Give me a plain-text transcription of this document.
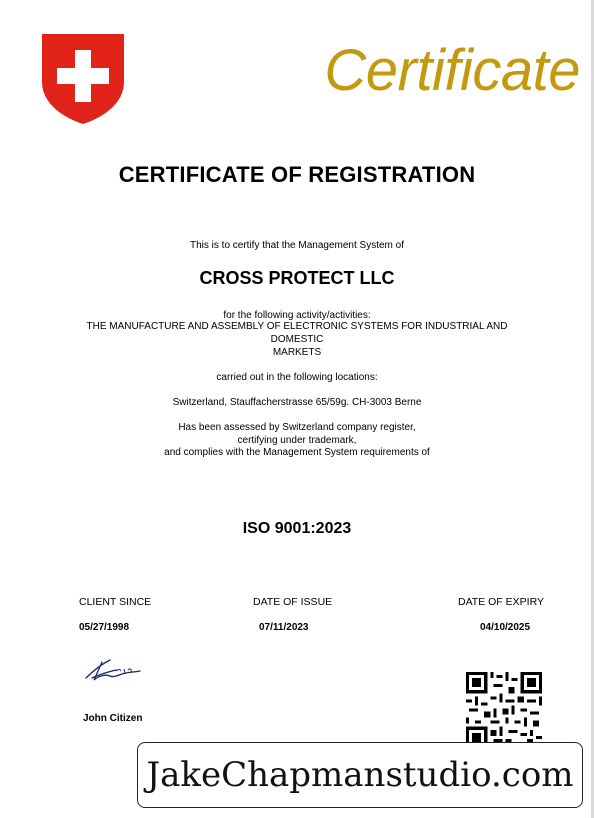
Certificate
CERTIFICATE OF REGISTRATION
This is to certify that the Management System of
CROSS PROTECT LLC
for the following activity/activities:
THE MANUFACTURE AND ASSEMBLY OF ELECTRONIC SYSTEMS FOR INDUSTRIAL AND
DOMESTIC
MARKETS
carried out in the following locations:
Switzerland, Stauffacherstrasse 65/59g. CH-3003 Berne
Has been assessed by Switzerland company register,
certifying under trademark,
and complies with the Management System requirements of
ISO 9001:2023
CLIENT SINCE	DATE OF ISSUE	DATE OF EXPIRY
05/27/1998	07/11/2023	04/10/2025
John Citizen
JakeChapmanstudio.com
